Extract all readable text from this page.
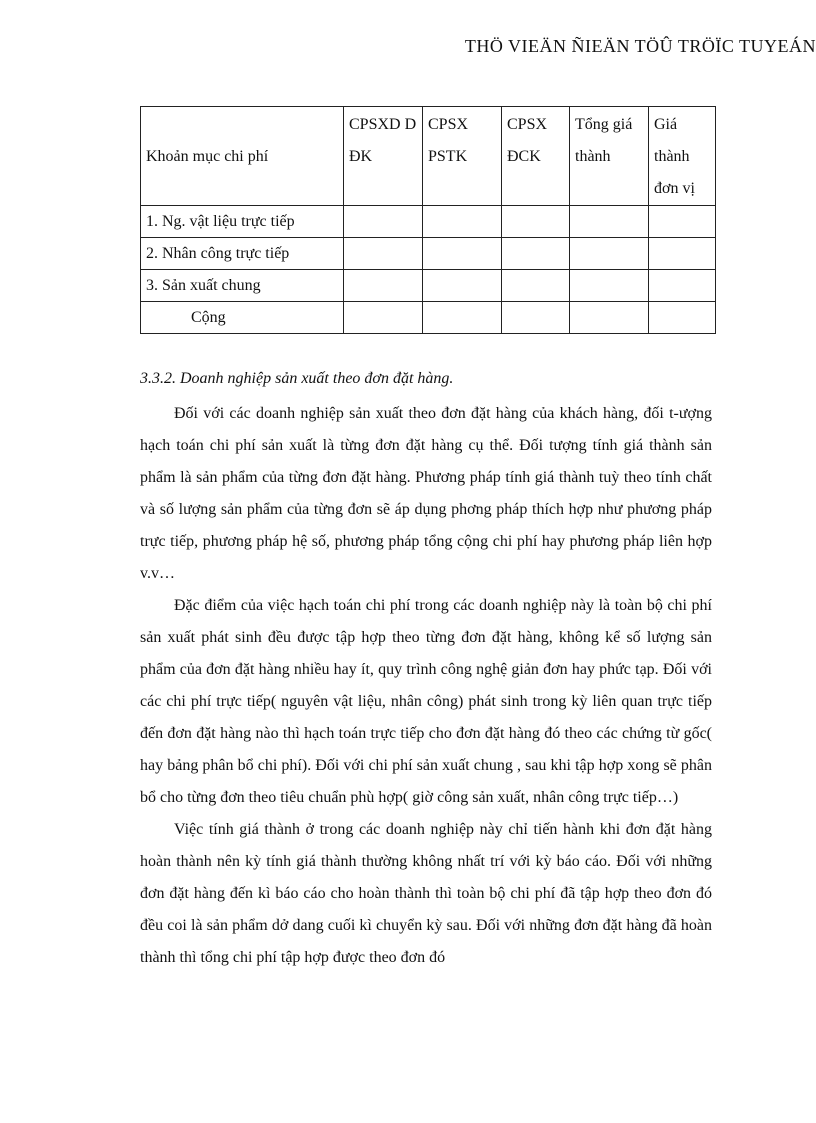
THÖ VIEÄN ÑIEÄN TÖÛ TRÖÏC TUYEÁN
Khoản mục chi phí	CPSXD D ĐK	CPSX PSTK	CPSX ĐCK	Tổng giá thành	Giá thành đơn vị
1. Ng. vật liệu trực tiếp					
2. Nhân công trực tiếp					
3. Sản xuất chung					
Cộng					
3.3.2. Doanh nghiệp sản xuất theo đơn đặt hàng.

Đối với các doanh nghiệp sản xuất theo đơn đặt hàng của khách hàng, đối t-ượng hạch toán chi phí sản xuất là từng đơn đặt hàng cụ thể. Đối tượng tính giá thành sản phẩm là sản phẩm của từng đơn đặt hàng. Phương pháp tính giá thành tuỳ theo tính chất và số lượng sản phẩm của từng đơn sẽ áp dụng phơng pháp thích hợp như phương pháp trực tiếp, phương pháp hệ số, phương pháp tổng cộng chi phí hay phương pháp liên hợp v.v…

Đặc điểm của việc hạch toán chi phí trong các doanh nghiệp này là toàn bộ chi phí sản xuất phát sinh đều được tập hợp theo từng đơn đặt hàng, không kể số lượng sản phẩm của đơn đặt hàng nhiều hay ít, quy trình công nghệ giản đơn hay phức tạp. Đối với các chi phí trực tiếp( nguyên vật liệu, nhân công) phát sinh trong kỳ liên quan trực tiếp đến đơn đặt hàng nào thì hạch toán trực tiếp cho đơn đặt hàng đó theo các chứng từ gốc( hay bảng phân bổ chi phí). Đối với chi phí sản xuất chung , sau khi tập hợp xong sẽ phân bổ cho từng đơn theo tiêu chuẩn phù hợp( giờ công sản xuất, nhân công trực tiếp…)

Việc tính giá thành ở trong các doanh nghiệp này chỉ tiến hành khi đơn đặt hàng hoàn thành nên kỳ tính giá thành thường không nhất trí với kỳ báo cáo. Đối với những đơn đặt hàng đến kì báo cáo cho hoàn thành thì toàn bộ chi phí đã tập hợp theo đơn đó đều coi là sản phẩm dở dang cuối kì chuyển kỳ sau. Đối với những đơn đặt hàng đã hoàn thành thì tổng chi phí tập hợp được theo đơn đó
